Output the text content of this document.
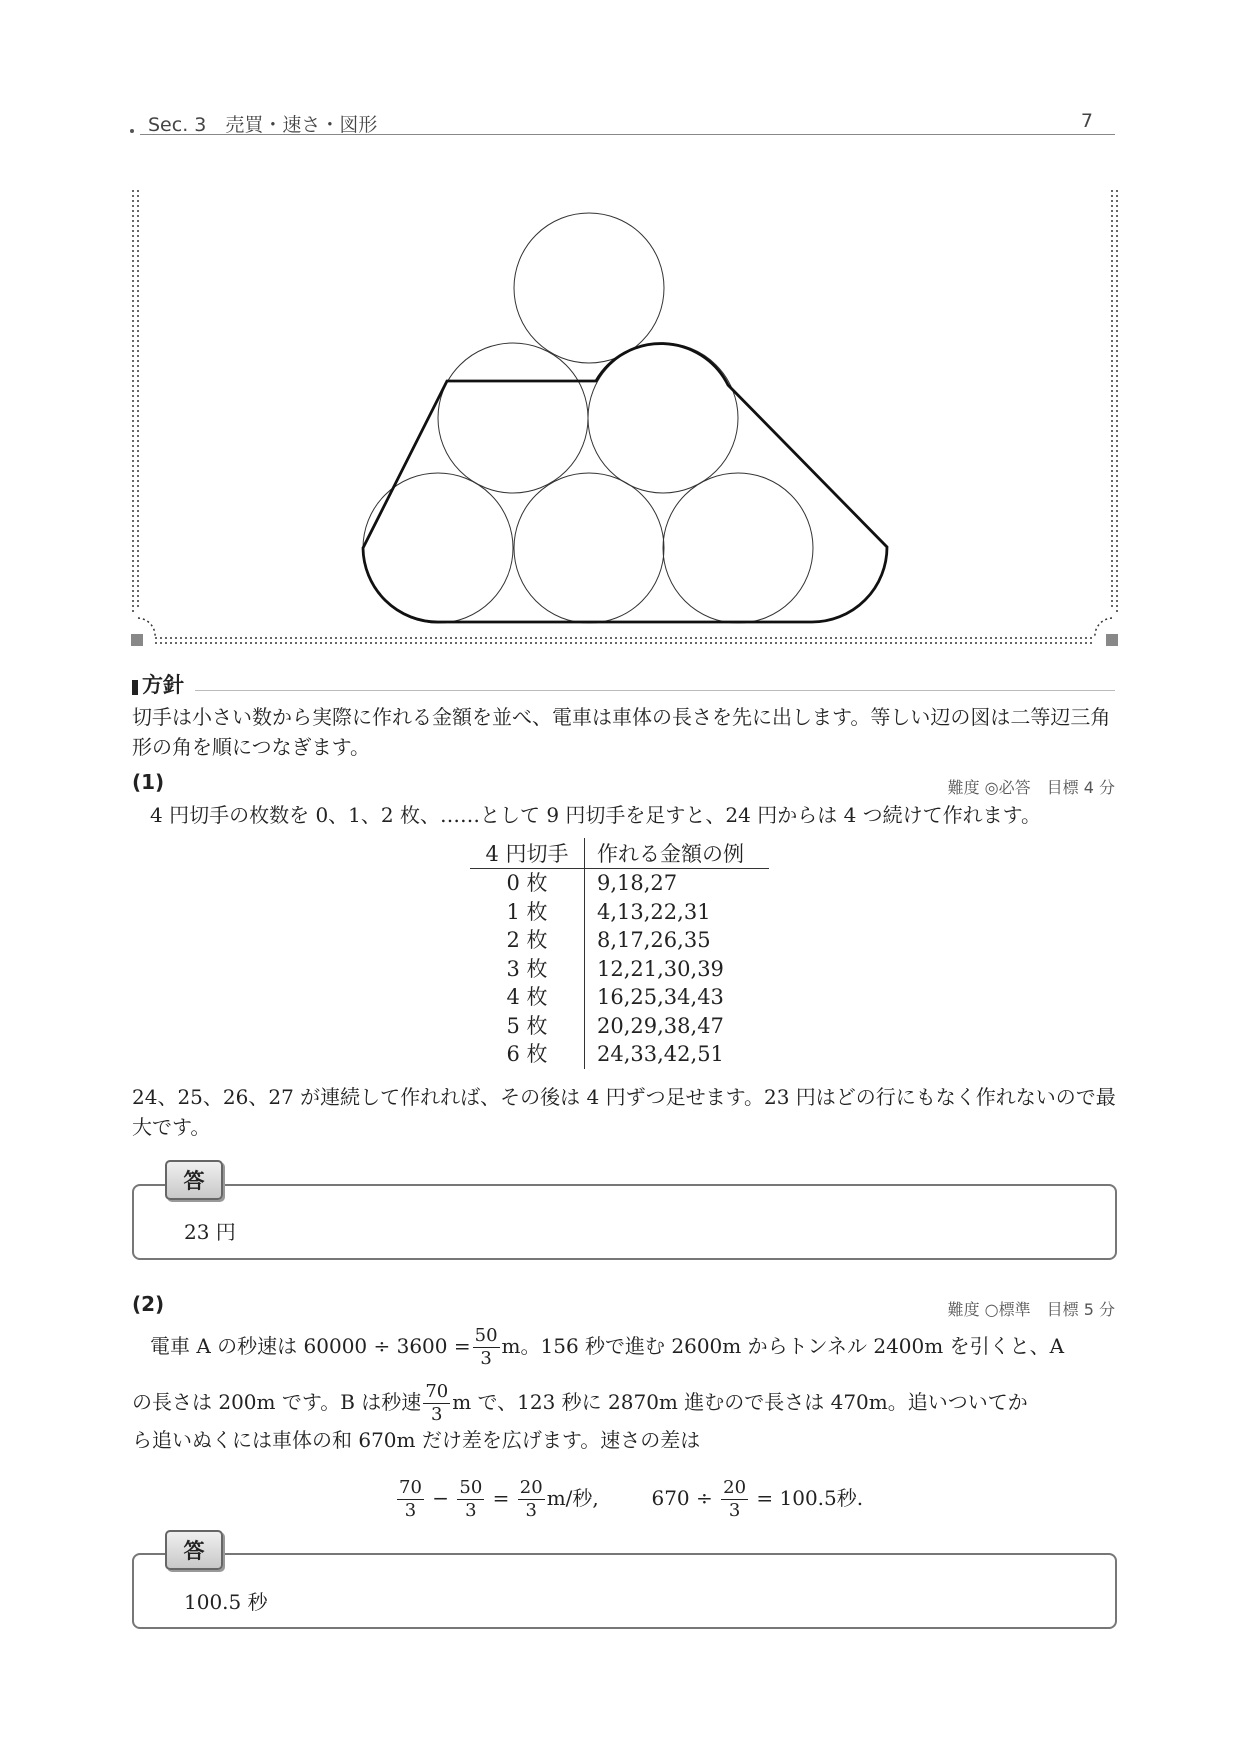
Sec. 3　売買・速さ・図形	7
方針
切手は小さい数から実際に作れる金額を並べ、電車は車体の長さを先に出します。等しい辺の図は二等辺三角形の角を順につなぎます。
(1)	難度 ◎必答　目標 4 分
4 円切手の枚数を 0、1、2 枚、……として 9 円切手を足すと、24 円からは 4 つ続けて作れます。
4 円切手	作れる金額の例
0 枚	9,18,27
1 枚	4,13,22,31
2 枚	8,17,26,35
3 枚	12,21,30,39
4 枚	16,25,34,43
5 枚	20,29,38,47
6 枚	24,33,42,51
24、25、26、27 が連続して作れれば、その後は 4 円ずつ足せます。23 円はどの行にもなく作れないので最大です。
答
23 円
(2)	難度 ○標準　目標 5 分
電車 A の秒速は $60000 \div 3600 = \frac{50}{3}$ m。156 秒で進む 2600m からトンネル 2400m を引くと、A
の長さは 200m です。B は秒速 $\frac{70}{3}$ m で、123 秒に 2870m 進むので長さは 470m。追いついてか
ら追いぬくには車体の和 670m だけ差を広げます。速さの差は
$\frac{70}{3} - \frac{50}{3} = \frac{20}{3} m/$秒,	$670 \div \frac{20}{3} = 100.5$秒.
答
100.5 秒
